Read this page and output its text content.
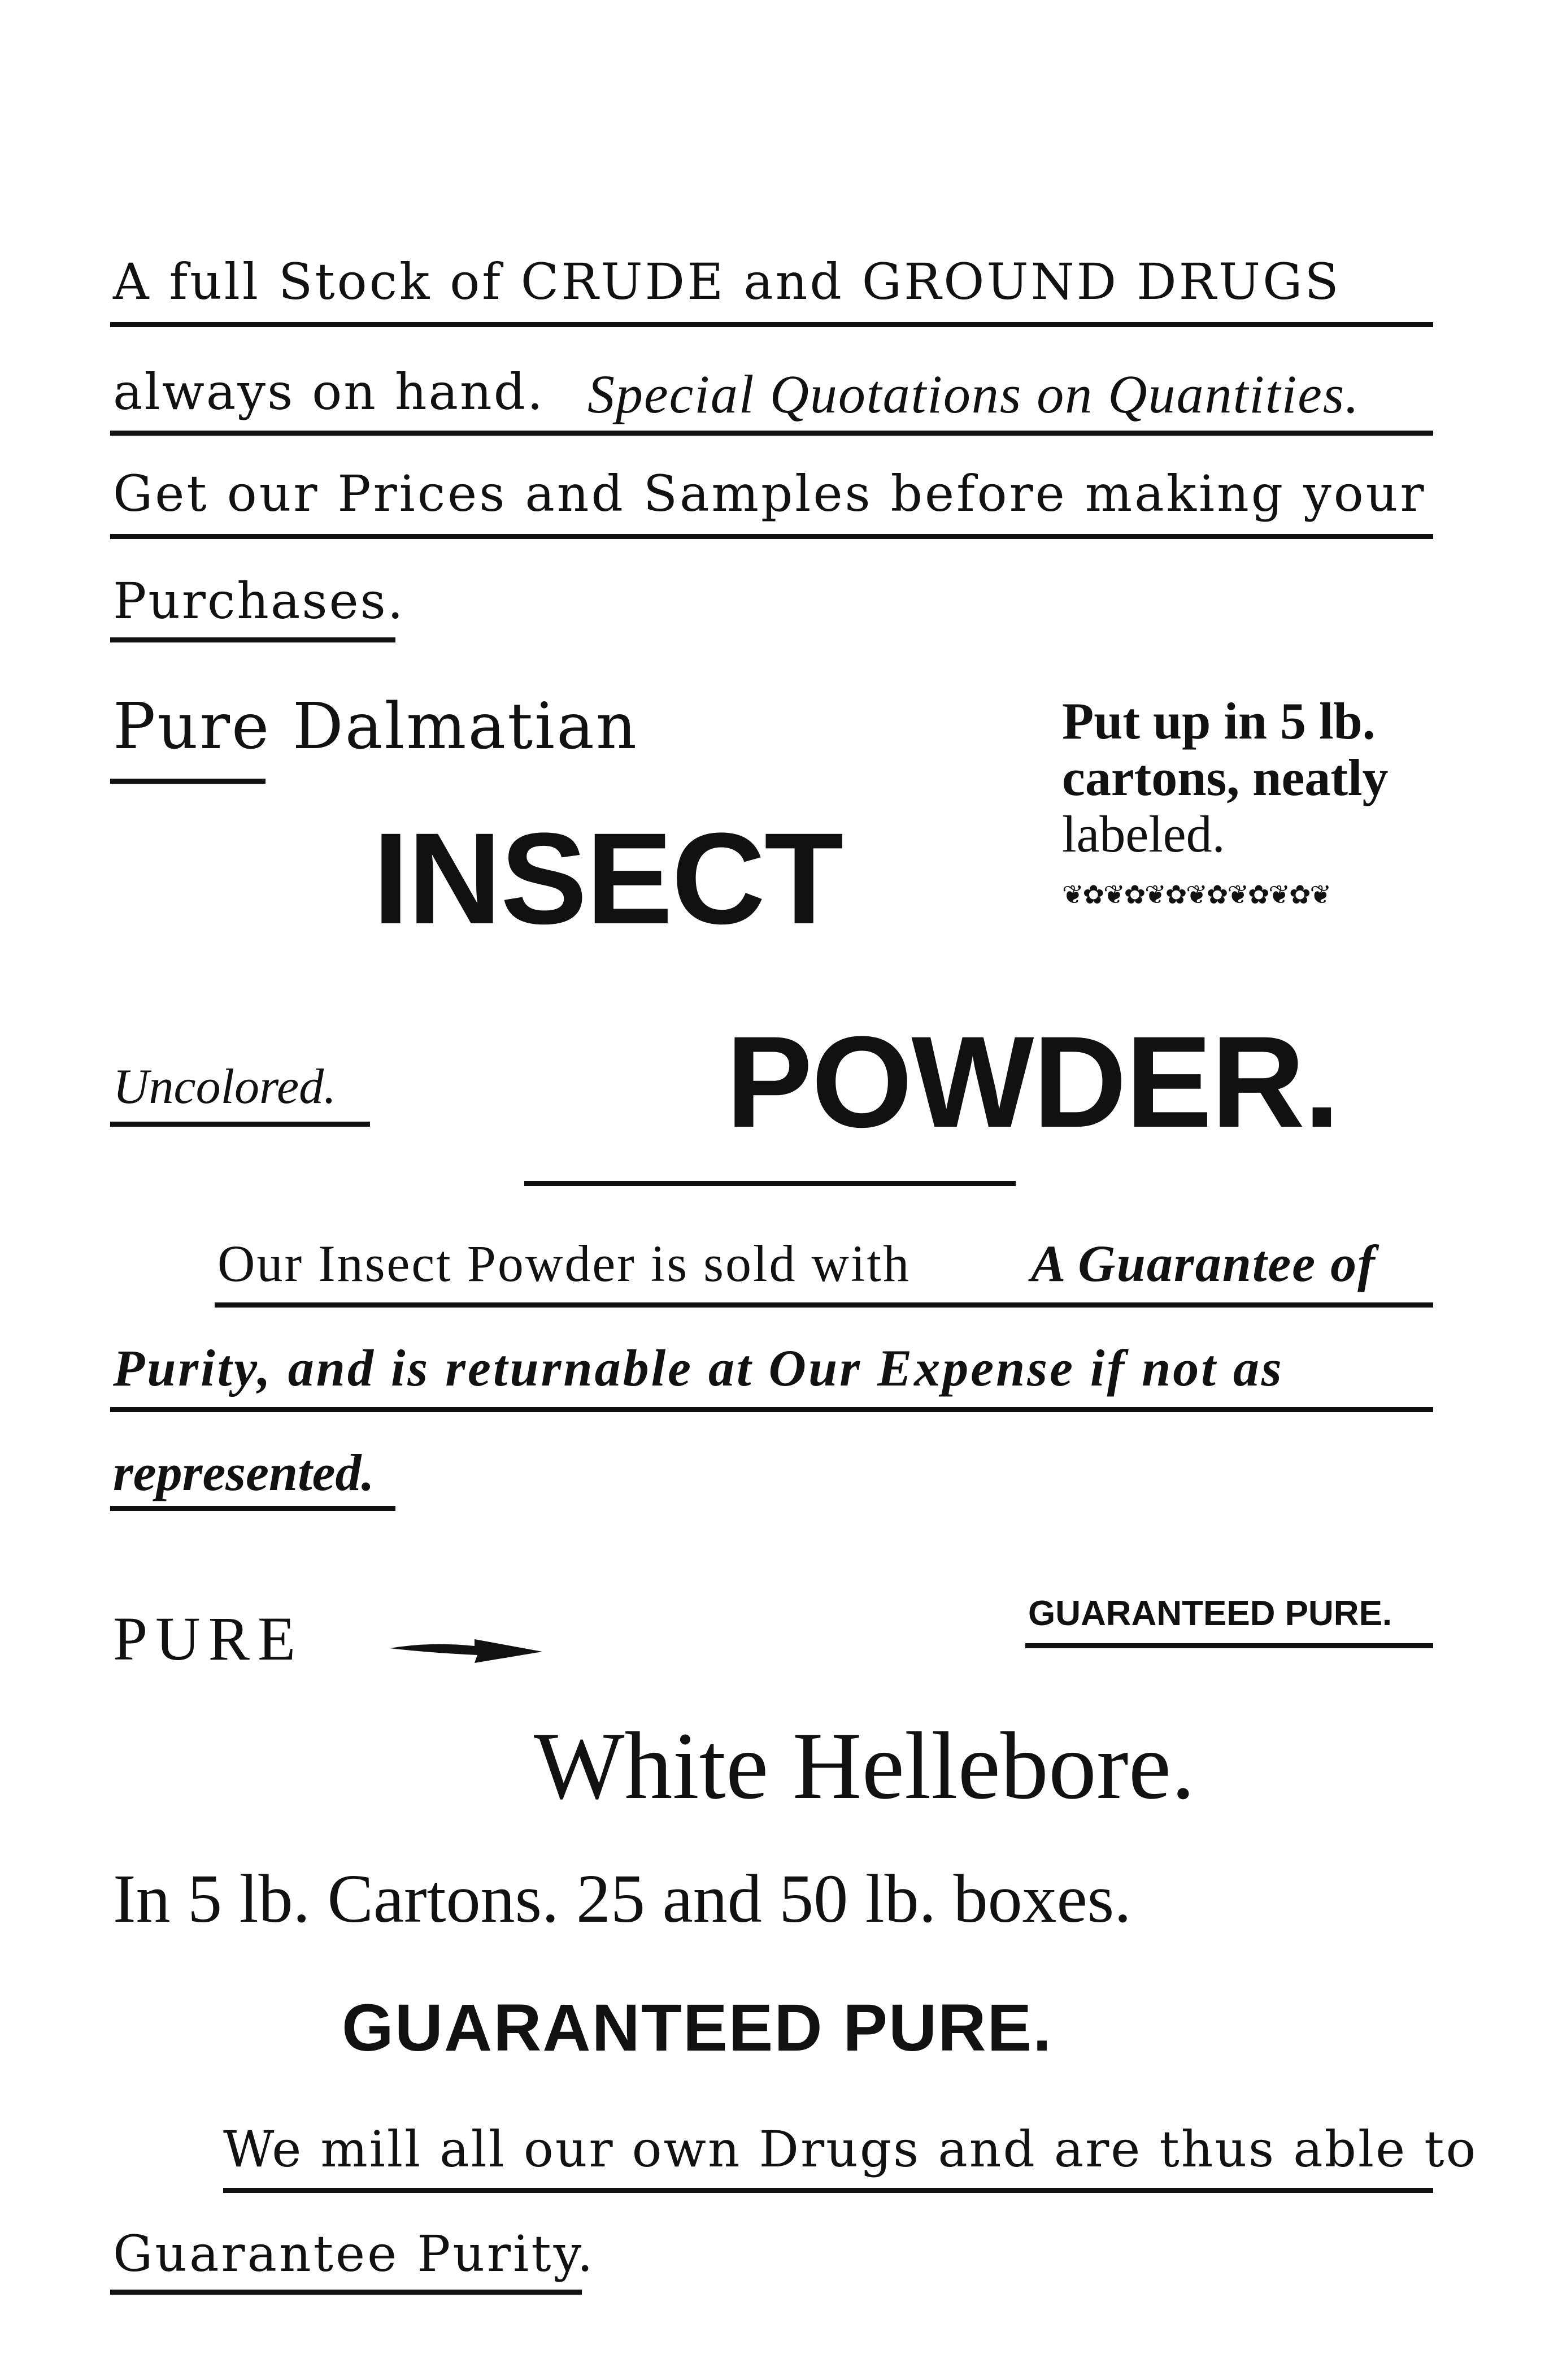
A full Stock of CRUDE and GROUND DRUGS
always on hand. Special Quotations on Quantities.
Get our Prices and Samples before making your
Purchases.
Pure Dalmatian
INSECT
Put up in 5 lb.
cartons, neatly
labeled.
❦✿❦✿❦✿❦✿❦✿❦✿❦
Uncolored.	POWDER.
Our Insect Powder is sold with A Guarantee of
Purity, and is returnable at Our Expense if not as
represented.
PURE	GUARANTEED PURE.
White Hellebore.
In 5 lb. Cartons. 25 and 50 lb. boxes.
GUARANTEED PURE.
We mill all our own Drugs and are thus able to
Guarantee Purity.
